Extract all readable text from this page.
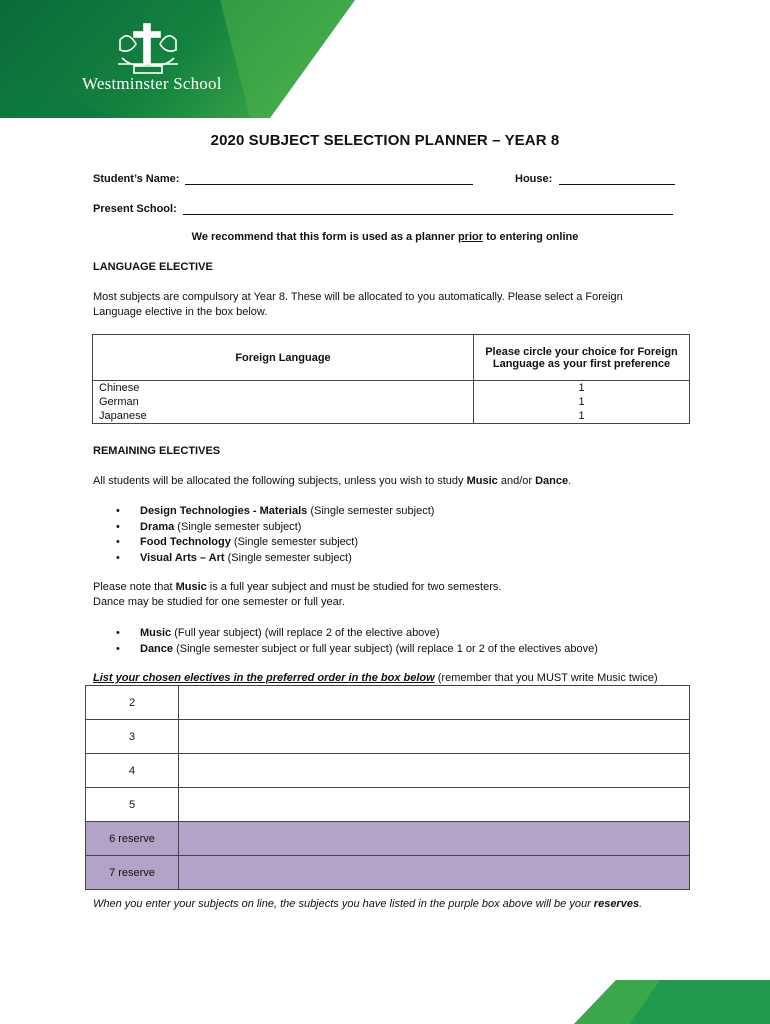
Westminster School
2020 SUBJECT SELECTION PLANNER – YEAR 8
Student’s Name:	House:
Present School:
We recommend that this form is used as a planner prior to entering online
LANGUAGE ELECTIVE
Most subjects are compulsory at Year 8. These will be allocated to you automatically. Please select a Foreign
Language elective in the box below.
Foreign Language	Please circle your choice for Foreign
Language as your first preference

Chinese	1
German	1
Japanese	1
REMAINING ELECTIVES
All students will be allocated the following subjects, unless you wish to study Music and/or Dance.
• Design Technologies - Materials (Single semester subject)
• Drama (Single semester subject)
• Food Technology (Single semester subject)
• Visual Arts – Art (Single semester subject)
Please note that Music is a full year subject and must be studied for two semesters.
Dance may be studied for one semester or full year.
• Music (Full year subject) (will replace 2 of the elective above)
• Dance (Single semester subject or full year subject) (will replace 1 or 2 of the electives above)
List your chosen electives in the preferred order in the box below (remember that you MUST write Music twice)
2	
3	
4	
5	
6 reserve	
7 reserve	
When you enter your subjects on line, the subjects you have listed in the purple box above will be your reserves.
